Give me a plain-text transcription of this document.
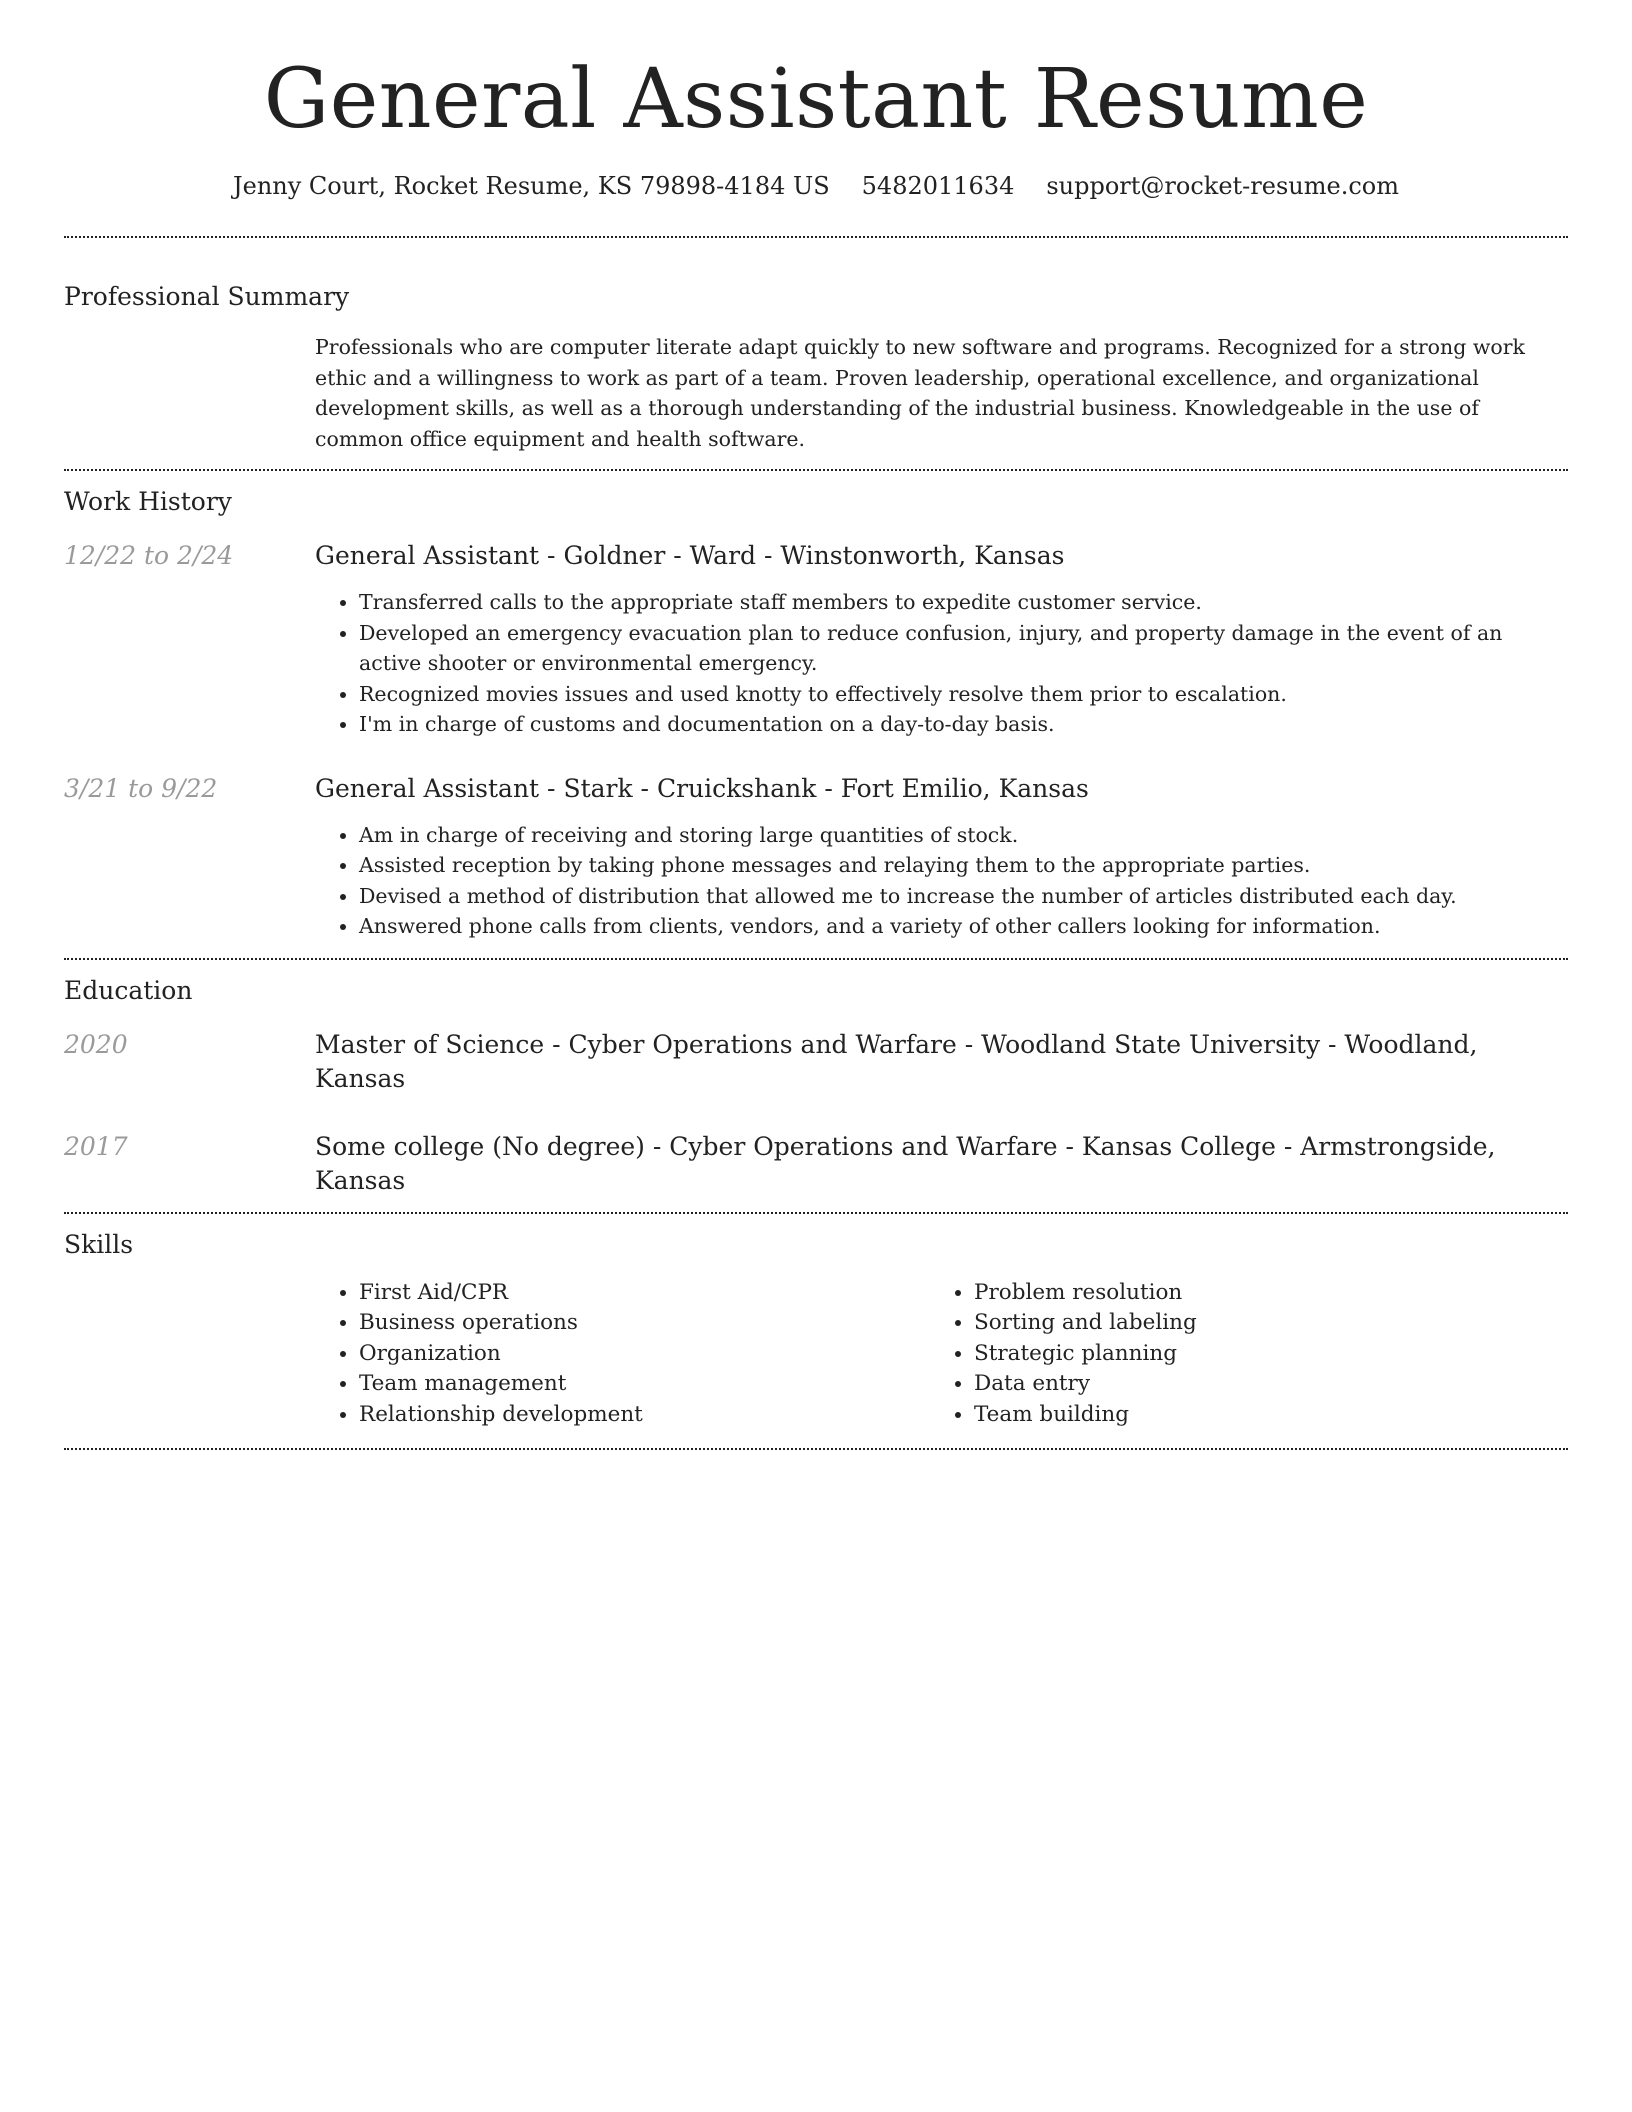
General Assistant Resume
Jenny Court, Rocket Resume, KS 79898-4184 US 5482011634 support@rocket-resume.com
Professional Summary

Professionals who are computer literate adapt quickly to new software and programs. Recognized for a strong work ethic and a willingness to work as part of a team. Proven leadership, operational excellence, and organizational development skills, as well as a thorough understanding of the industrial business. Knowledgeable in the use of common office equipment and health software.

Work History
12/22 to 2/24	General Assistant - Goldner - Ward - Winstonworth, Kansas
• Transferred calls to the appropriate staff members to expedite customer service.
• Developed an emergency evacuation plan to reduce confusion, injury, and property damage in the event of an active shooter or environmental emergency.
• Recognized movies issues and used knotty to effectively resolve them prior to escalation.
• I'm in charge of customs and documentation on a day-to-day basis.
3/21 to 9/22	General Assistant - Stark - Cruickshank - Fort Emilio, Kansas
• Am in charge of receiving and storing large quantities of stock.
• Assisted reception by taking phone messages and relaying them to the appropriate parties.
• Devised a method of distribution that allowed me to increase the number of articles distributed each day.
• Answered phone calls from clients, vendors, and a variety of other callers looking for information.
Education
2020	Master of Science - Cyber Operations and Warfare - Woodland State University - Woodland, Kansas
2017	Some college (No degree) - Cyber Operations and Warfare - Kansas College - Armstrongside, Kansas
Skills
• First Aid/CPR
• Business operations
• Organization
• Team management
• Relationship development
• Problem resolution
• Sorting and labeling
• Strategic planning
• Data entry
• Team building
